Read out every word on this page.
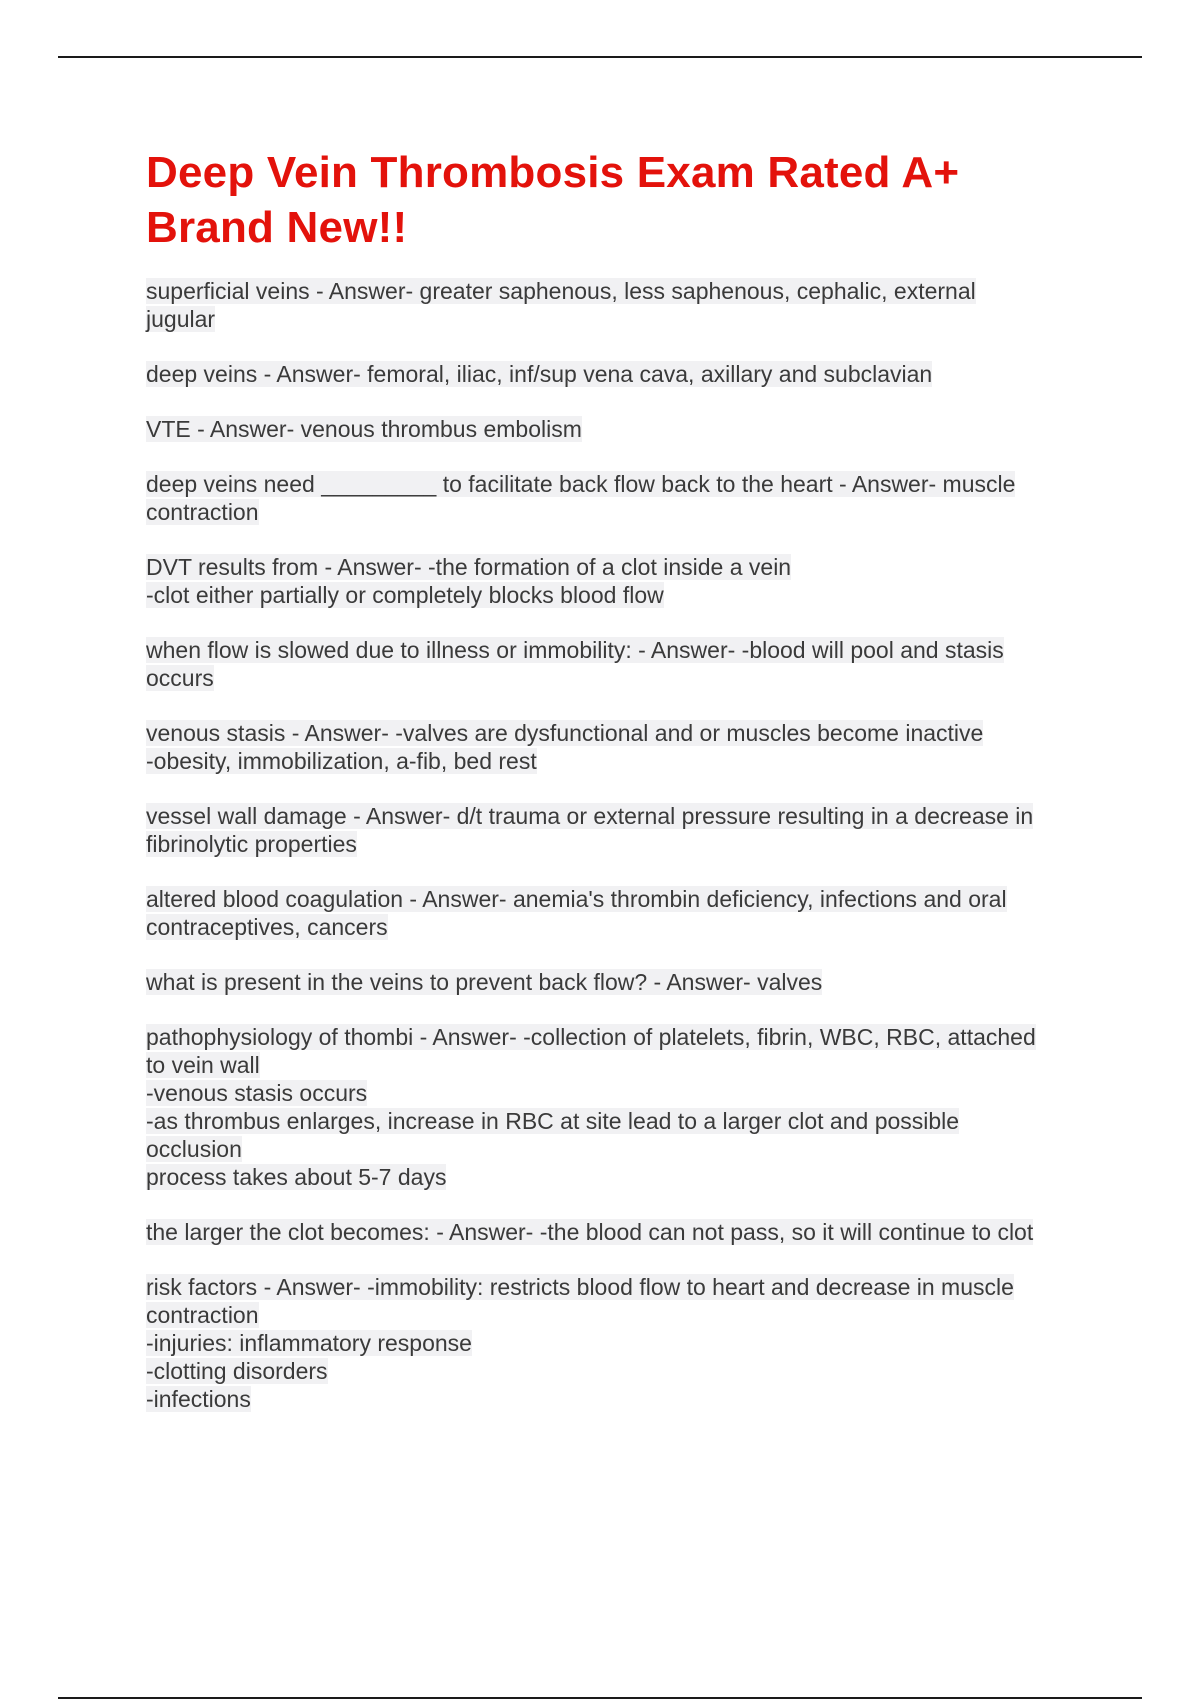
Deep Vein Thrombosis Exam Rated A+
Brand New!!

superficial veins - Answer- greater saphenous, less saphenous, cephalic, external
jugular

deep veins - Answer- femoral, iliac, inf/sup vena cava, axillary and subclavian

VTE - Answer- venous thrombus embolism

deep veins need _________ to facilitate back flow back to the heart - Answer- muscle
contraction

DVT results from - Answer- -the formation of a clot inside a vein
-clot either partially or completely blocks blood flow

when flow is slowed due to illness or immobility: - Answer- -blood will pool and stasis
occurs

venous stasis - Answer- -valves are dysfunctional and or muscles become inactive
-obesity, immobilization, a-fib, bed rest

vessel wall damage - Answer- d/t trauma or external pressure resulting in a decrease in
fibrinolytic properties

altered blood coagulation - Answer- anemia's thrombin deficiency, infections and oral
contraceptives, cancers

what is present in the veins to prevent back flow? - Answer- valves

pathophysiology of thombi - Answer- -collection of platelets, fibrin, WBC, RBC, attached
to vein wall
-venous stasis occurs
-as thrombus enlarges, increase in RBC at site lead to a larger clot and possible
occlusion
process takes about 5-7 days

the larger the clot becomes: - Answer- -the blood can not pass, so it will continue to clot

risk factors - Answer- -immobility: restricts blood flow to heart and decrease in muscle
contraction
-injuries: inflammatory response
-clotting disorders
-infections
